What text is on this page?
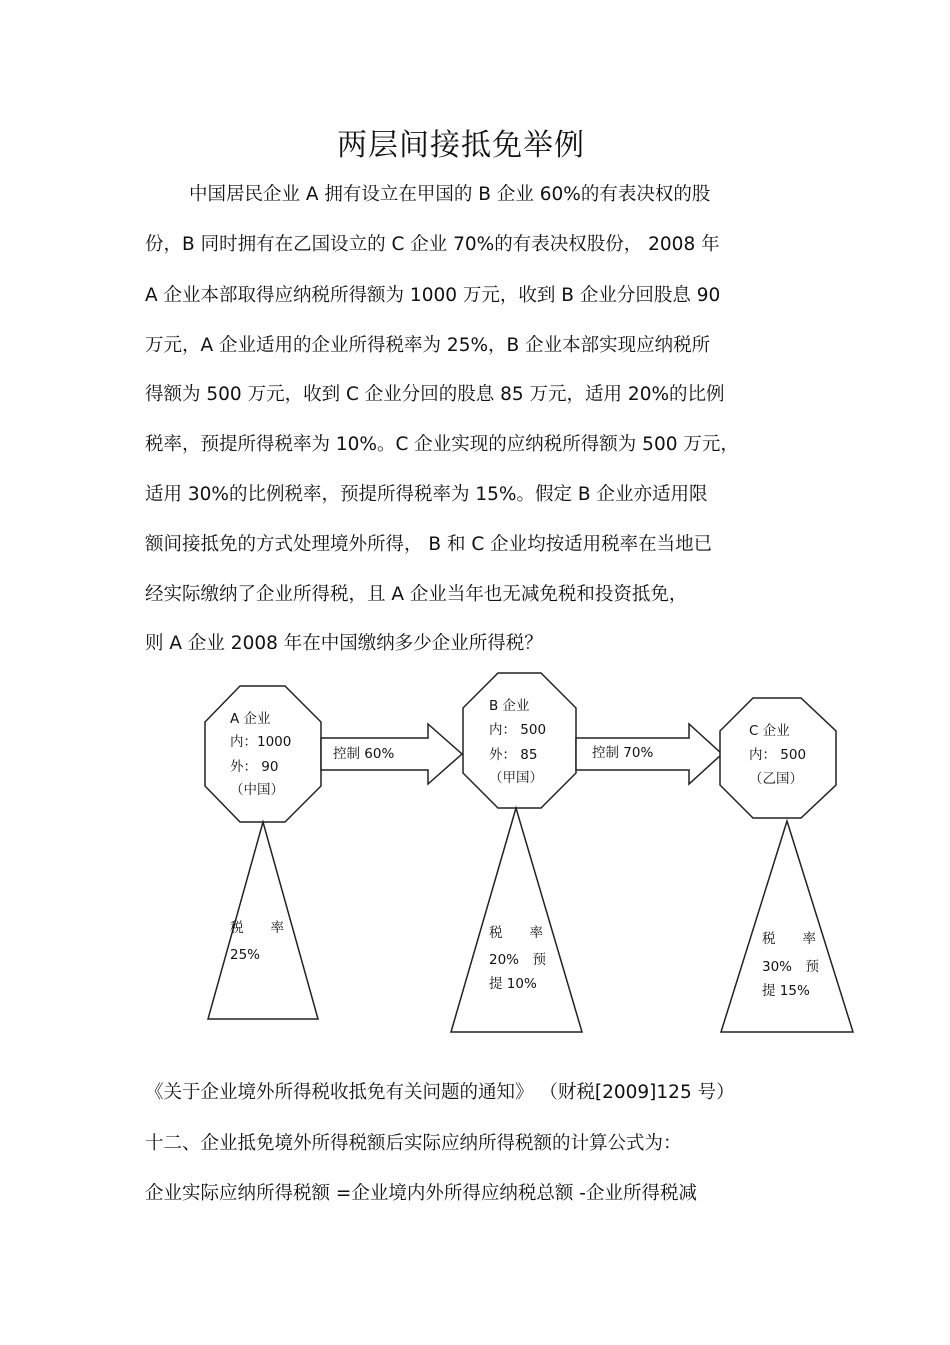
两层间接抵免举例
中国居民企业 A 拥有设立在甲国的 B 企业 60%的有表决权的股
份，B 同时拥有在乙国设立的 C 企业 70%的有表决权股份， 2008 年
A 企业本部取得应纳税所得额为 1000 万元，收到 B 企业分回股息 90
万元，A 企业适用的企业所得税率为 25%，B 企业本部实现应纳税所
得额为 500 万元，收到 C 企业分回的股息 85 万元，适用 20%的比例
税率，预提所得税率为 10%。C 企业实现的应纳税所得额为 500 万元，
适用 30%的比例税率，预提所得税率为 15%。假定 B 企业亦适用限
额间接抵免的方式处理境外所得， B 和 C 企业均按适用税率在当地已
经实际缴纳了企业所得税，且 A 企业当年也无减免税和投资抵免，
则 A 企业 2008 年在中国缴纳多少企业所得税？
A 企业
内：1000
外： 90
（中国）
税　　率
25%
控制 60%
B 企业
内： 500
外： 85
（甲国）
税　　率
20%　预
提 10%
控制 70%
C 企业
内： 500
（乙国）
税　　率
30%　预
提 15%
《关于企业境外所得税收抵免有关问题的通知》 （财税[2009]125 号）
十二、企业抵免境外所得税额后实际应纳所得税额的计算公式为：
企业实际应纳所得税额 =企业境内外所得应纳税总额 -企业所得税减
